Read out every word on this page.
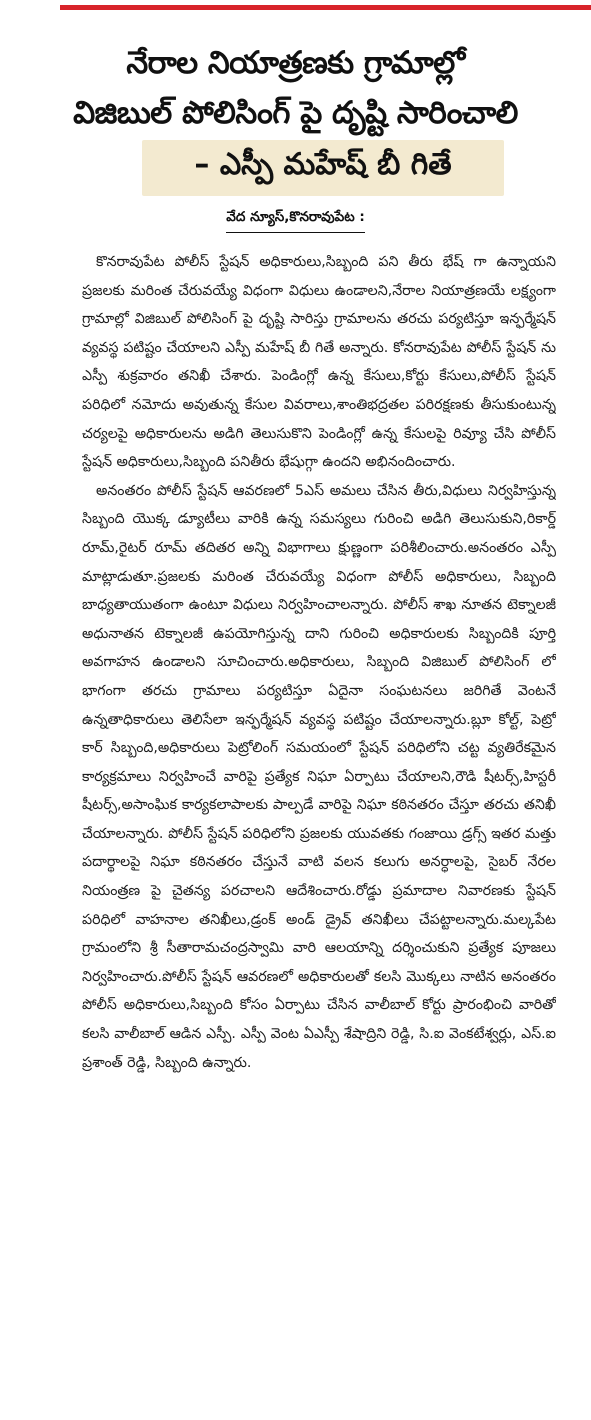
నేరాల నియాత్రణకు గ్రామాల్లో
విజిబుల్ పోలిసింగ్ పై దృష్టి సారించాలి
– ఎస్పీ మహేష్ బీ గితే
వేద న్యూస్,కొనరావుపేట :

కొనరావుపేట పోలీస్ స్టేషన్ అధికారులు,సిబ్బంది పని తీరు భేష్ గా ఉన్నాయని ప్రజలకు మరింత చేరువయ్యే విధంగా విధులు ఉండాలని,నేరాల నియాత్రణయే లక్ష్యంగా గ్రామాల్లో విజిబుల్ పోలిసింగ్ పై దృష్టి సారిస్తు గ్రామాలను తరచు పర్యటిస్తూ ఇన్ఫర్మేషన్ వ్యవస్థ పటిష్టం చేయాలని ఎస్పీ మహేష్ బీ గితే అన్నారు. కోనరావుపేట పోలీస్ స్టేషన్ ను ఎస్పీ శుక్రవారం తనిఖీ చేశారు. పెండింగ్లో ఉన్న కేసులు,కోర్టు కేసులు,పోలీస్ స్టేషన్ పరిధిలో నమోదు అవుతున్న కేసుల వివరాలు,శాంతిభద్రతల పరిరక్షణకు తీసుకుంటున్న చర్యలపై అధికారులను అడిగి తెలుసుకొని పెండింగ్లో ఉన్న కేసులపై రివ్యూ చేసి పోలీస్ స్టేషన్ అధికారులు,సిబ్బంది పనితీరు భేషుగ్గా ఉందని అభినందించారు.

అనంతరం పోలీస్ స్టేషన్ ఆవరణలో 5ఎస్ అమలు చేసిన తీరు,విధులు నిర్వహిస్తున్న సిబ్బంది యొక్క డ్యూటీలు వారికి ఉన్న సమస్యలు గురించి అడిగి తెలుసుకుని,రికార్డ్ రూమ్,రైటర్ రూమ్ తదితర అన్ని విభాగాలు క్షుణ్ణంగా పరిశీలించారు.అనంతరం ఎస్పీ మాట్లాడుతూ.ప్రజలకు మరింత చేరువయ్యే విధంగా పోలీస్ అధికారులు, సిబ్బంది బాధ్యతాయుతంగా ఉంటూ విధులు నిర్వహించాలన్నారు. పోలీస్ శాఖ నూతన టెక్నాలజీ అధునాతన టెక్నాలజీ ఉపయోగిస్తున్న దాని గురించి అధికారులకు సిబ్బందికి పూర్తి అవగాహన ఉండాలని సూచించారు.అధికారులు, సిబ్బంది విజిబుల్ పోలిసింగ్ లో భాగంగా తరచు గ్రామాలు పర్యటిస్తూ ఏదైనా సంఘటనలు జరిగితే వెంటనే ఉన్నతాధికారులు తెలిసేలా ఇన్ఫర్మేషన్ వ్యవస్థ పటిష్టం చేయాలన్నారు.బ్లూ కోల్ట్, పెట్రో కార్ సిబ్బంది,అధికారులు పెట్రోలింగ్ సమయంలో స్టేషన్ పరిధిలోని చట్ట వ్యతిరేకమైన కార్యక్రమాలు నిర్వహించే వారిపై ప్రత్యేక నిఘా ఏర్పాటు చేయాలని,రౌడి షీటర్స్,హిస్టరీ షీటర్స్,అసాంఘిక కార్యకలాపాలకు పాల్పడే వారిపై నిఘా కఠినతరం చేస్తూ తరచు తనిఖీ చేయాలన్నారు. పోలీస్ స్టేషన్ పరిధిలోని ప్రజలకు యువతకు గంజాయి డ్రగ్స్ ఇతర మత్తు పదార్థాలపై నిఘా కఠినతరం చేస్తునే వాటి వలన కలుగు అనర్ధాలపై, సైబర్ నేరల నియంత్రణ పై చైతన్య పరచాలని ఆదేశించారు.రోడ్డు ప్రమాదాల నివారణకు స్టేషన్ పరిధిలో వాహనాల తనిఖీలు,డ్రంక్ అండ్ డ్రైవ్ తనిఖీలు చేపట్టాలన్నారు.మల్కపేట గ్రామంలోని శ్రీ సీతారామచంద్రస్వామి వారి ఆలయాన్ని దర్శించుకుని ప్రత్యేక పూజలు నిర్వహించారు.పోలీస్ స్టేషన్ ఆవరణలో అధికారులతో కలసి మొక్కలు నాటిన అనంతరం పోలీస్ అధికారులు,సిబ్బంది కోసం ఏర్పాటు చేసిన వాలీబాల్ కోర్టు ప్రారంభించి వారితో కలసి వాలీబాల్ ఆడిన ఎస్పీ. ఎస్పీ వెంట ఏఎస్పీ శేషాద్రిని రెడ్డి, సి.ఐ వెంకటేశ్వర్లు, ఎస్.ఐ ప్రశాంత్ రెడ్డి, సిబ్బంది ఉన్నారు.
